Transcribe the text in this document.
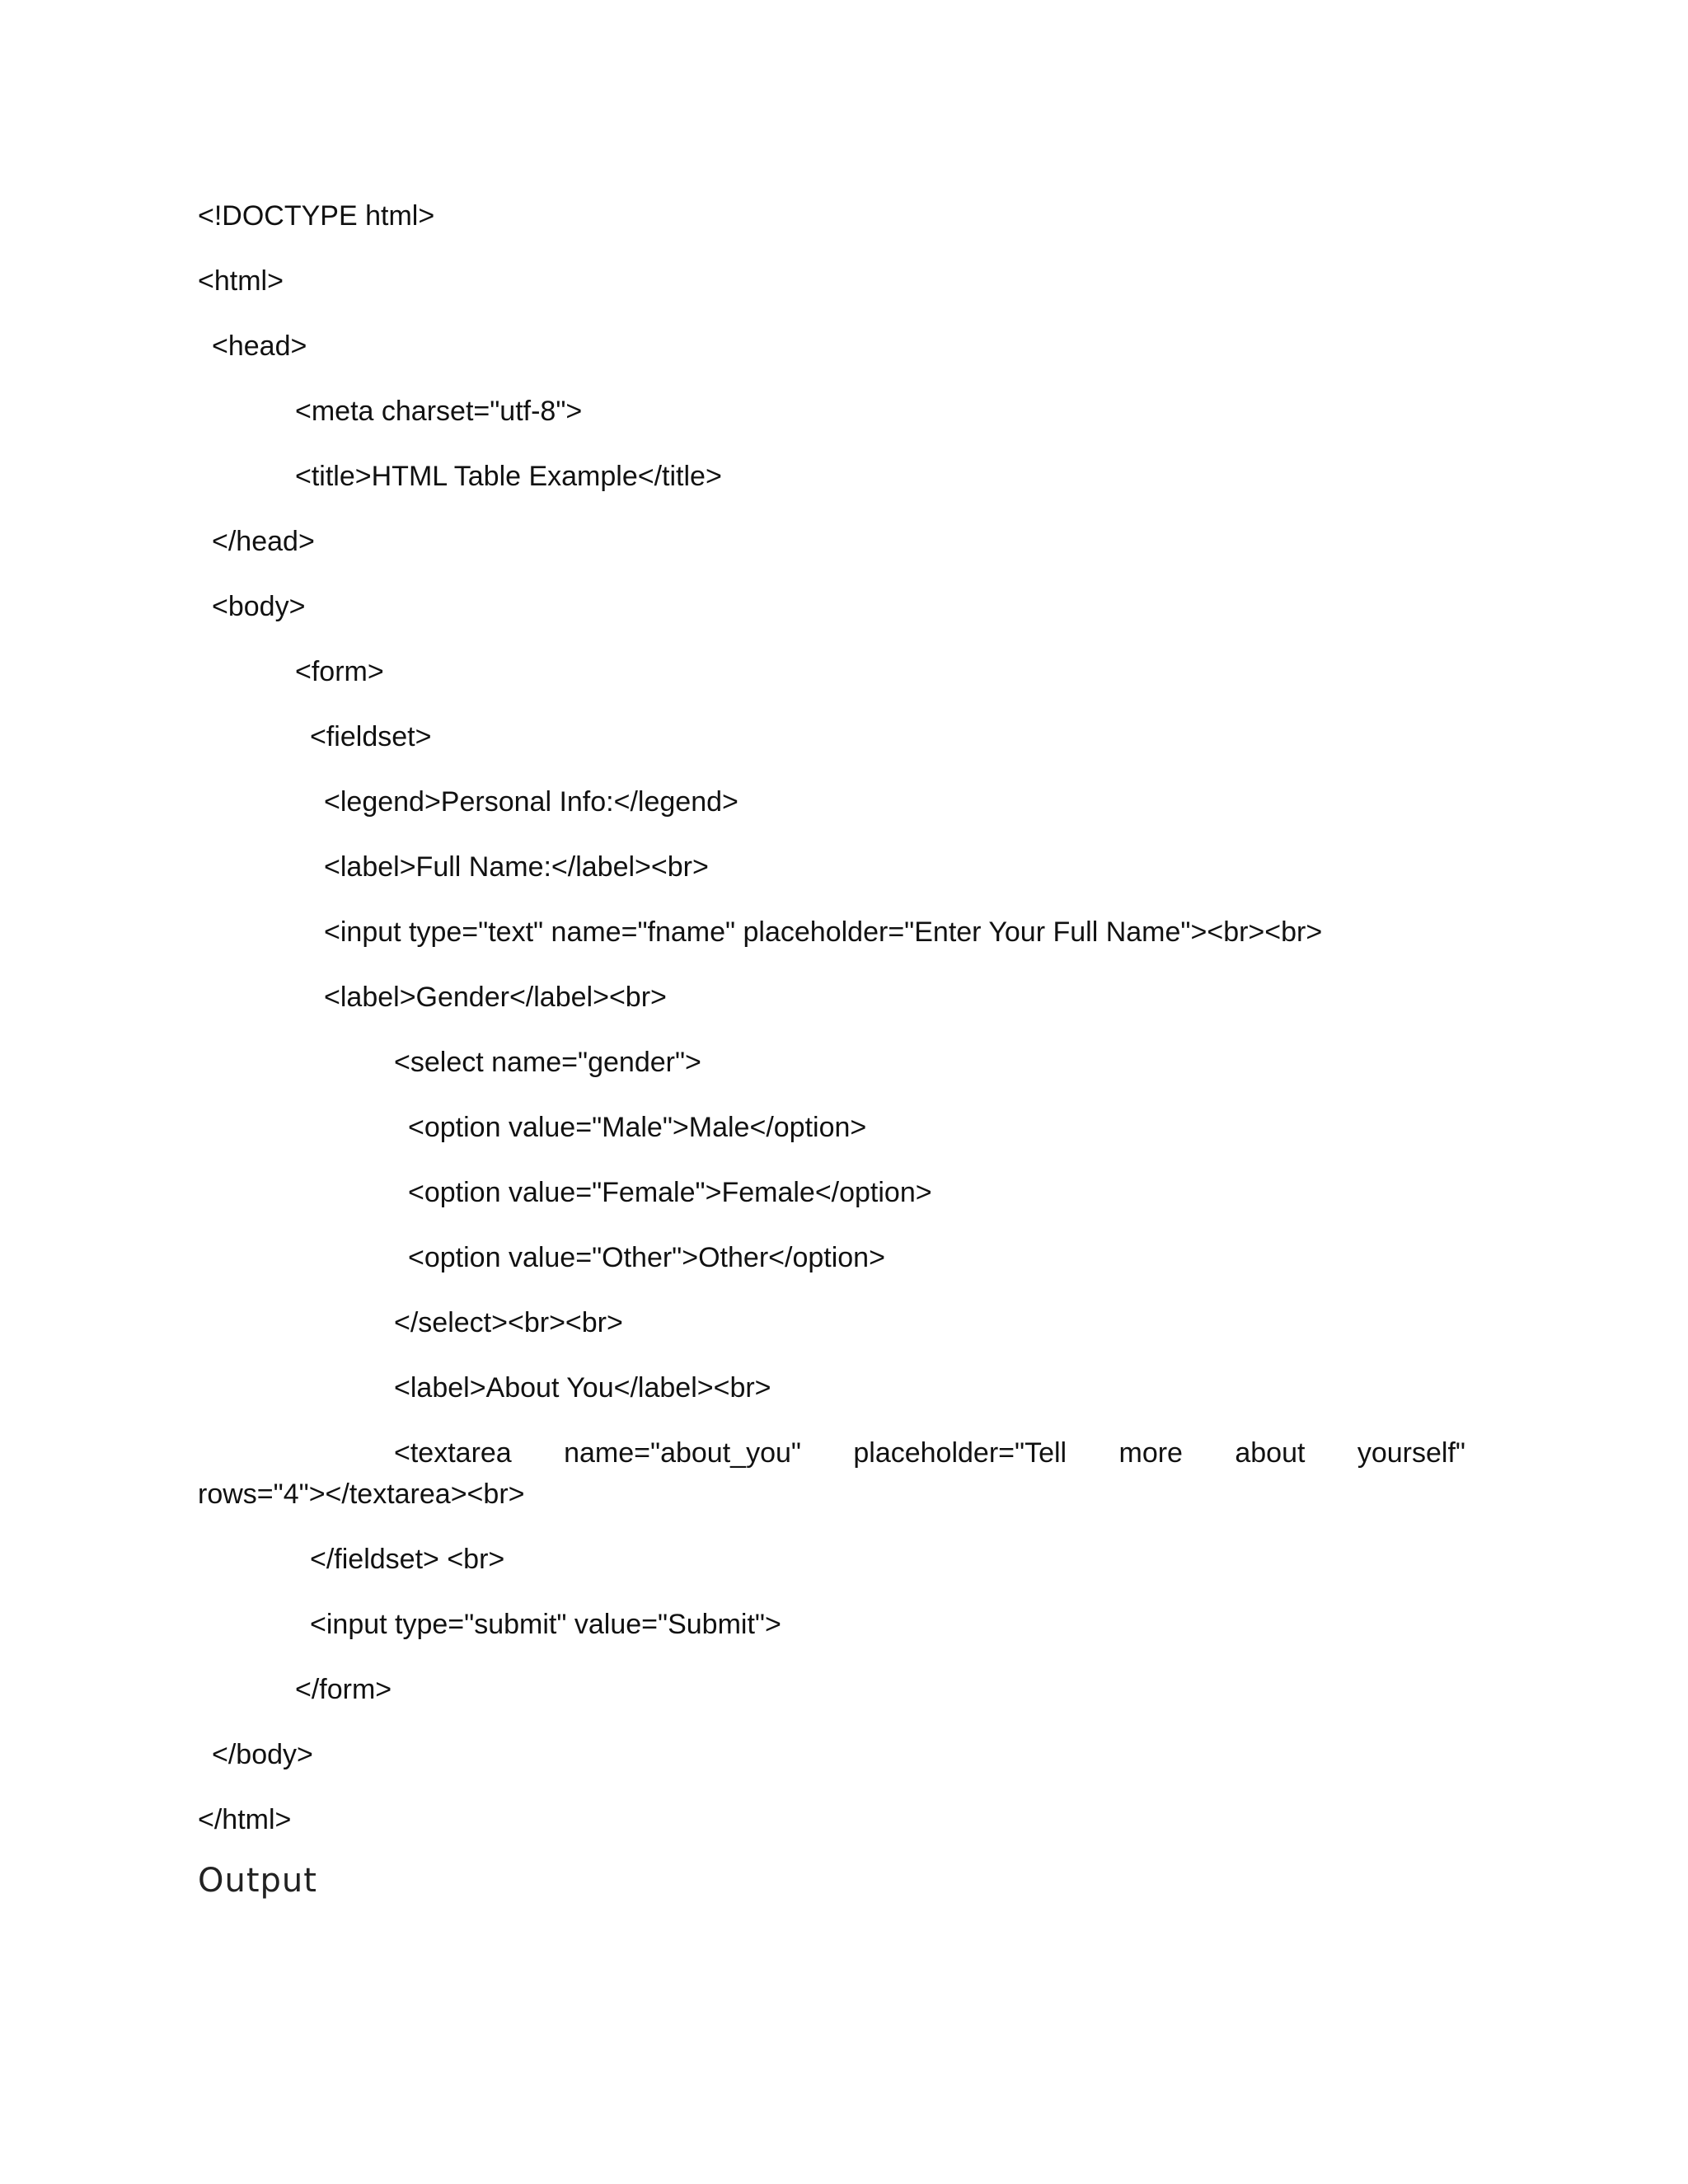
<!DOCTYPE html>
<html>
<head>
<meta charset="utf-8">
<title>HTML Table Example</title>
</head>
<body>
<form>
<fieldset>
<legend>Personal Info:</legend>
<label>Full Name:</label><br>
<input type="text" name="fname" placeholder="Enter Your Full Name"><br><br>
<label>Gender</label><br>
<select name="gender">
<option value="Male">Male</option>
<option value="Female">Female</option>
<option value="Other">Other</option>
</select><br><br>
<label>About You</label><br>
<textarea name="about_you" placeholder="Tell more about yourself"
rows="4"></textarea><br>
</fieldset> <br>
<input type="submit" value="Submit">
</form>
</body>
</html>
Output
